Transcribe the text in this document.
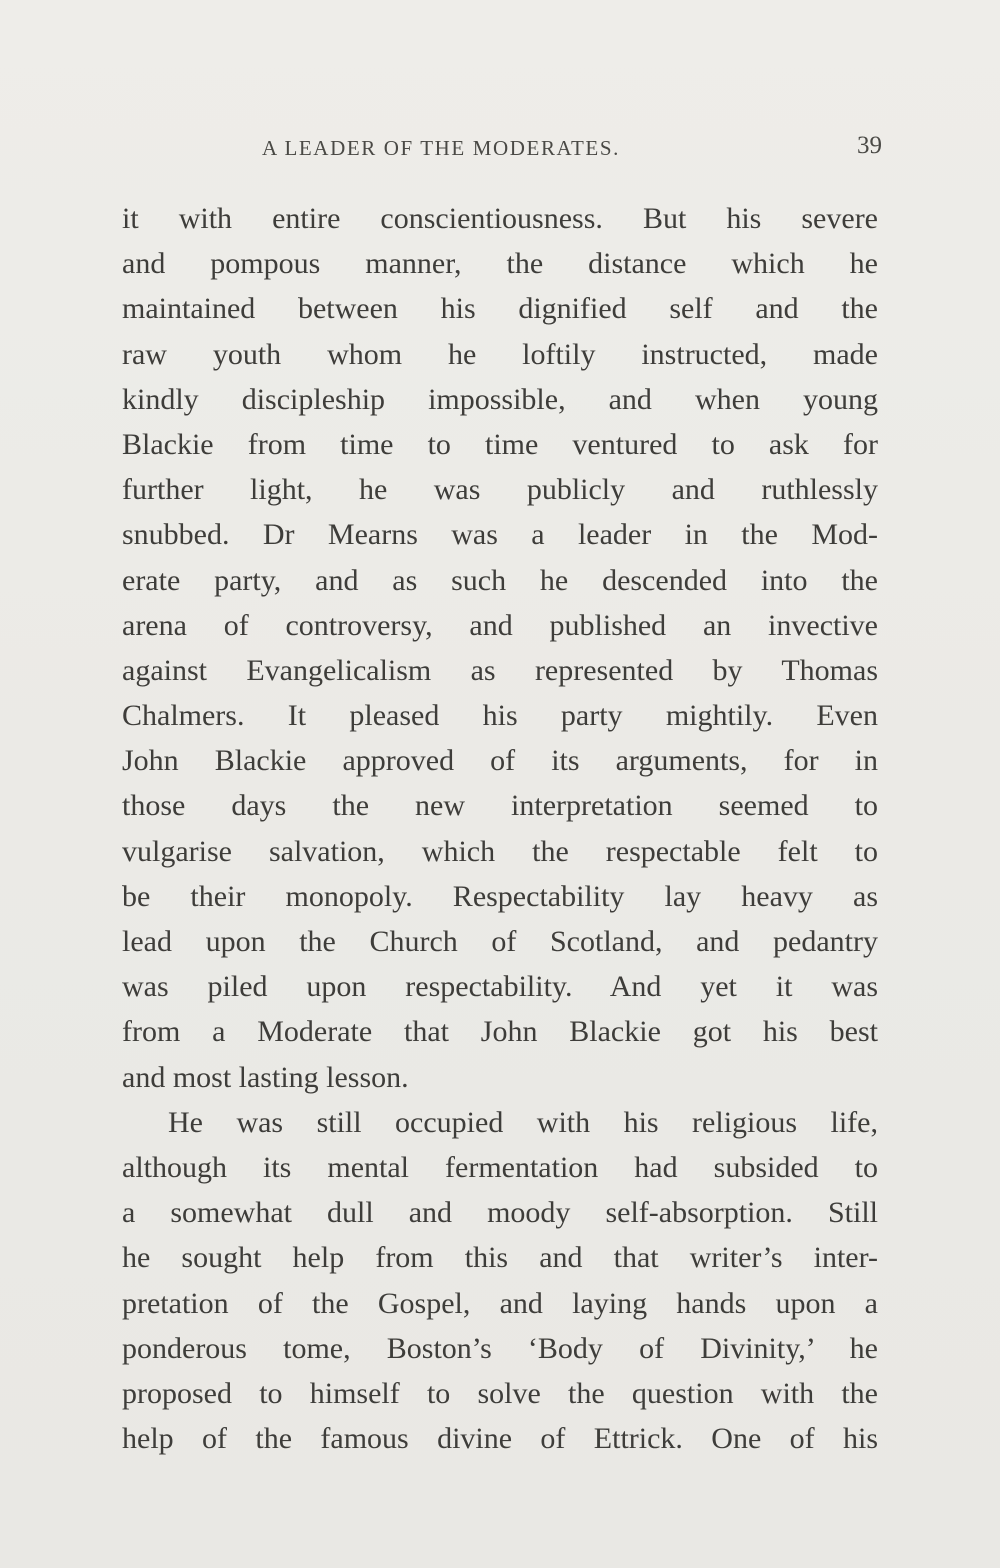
A LEADER OF THE MODERATES.	39
it with entire conscientiousness. But his severe
and pompous manner, the distance which he
maintained between his dignified self and the
raw youth whom he loftily instructed, made
kindly discipleship impossible, and when young
Blackie from time to time ventured to ask for
further light, he was publicly and ruthlessly
snubbed. Dr Mearns was a leader in the Mod-
erate party, and as such he descended into the
arena of controversy, and published an invective
against Evangelicalism as represented by Thomas
Chalmers. It pleased his party mightily. Even
John Blackie approved of its arguments, for in
those days the new interpretation seemed to
vulgarise salvation, which the respectable felt to
be their monopoly. Respectability lay heavy as
lead upon the Church of Scotland, and pedantry
was piled upon respectability. And yet it was
from a Moderate that John Blackie got his best
and most lasting lesson.
He was still occupied with his religious life,
although its mental fermentation had subsided to
a somewhat dull and moody self-absorption. Still
he sought help from this and that writer’s inter-
pretation of the Gospel, and laying hands upon a
ponderous tome, Boston’s ‘Body of Divinity,’ he
proposed to himself to solve the question with the
help of the famous divine of Ettrick. One of his
